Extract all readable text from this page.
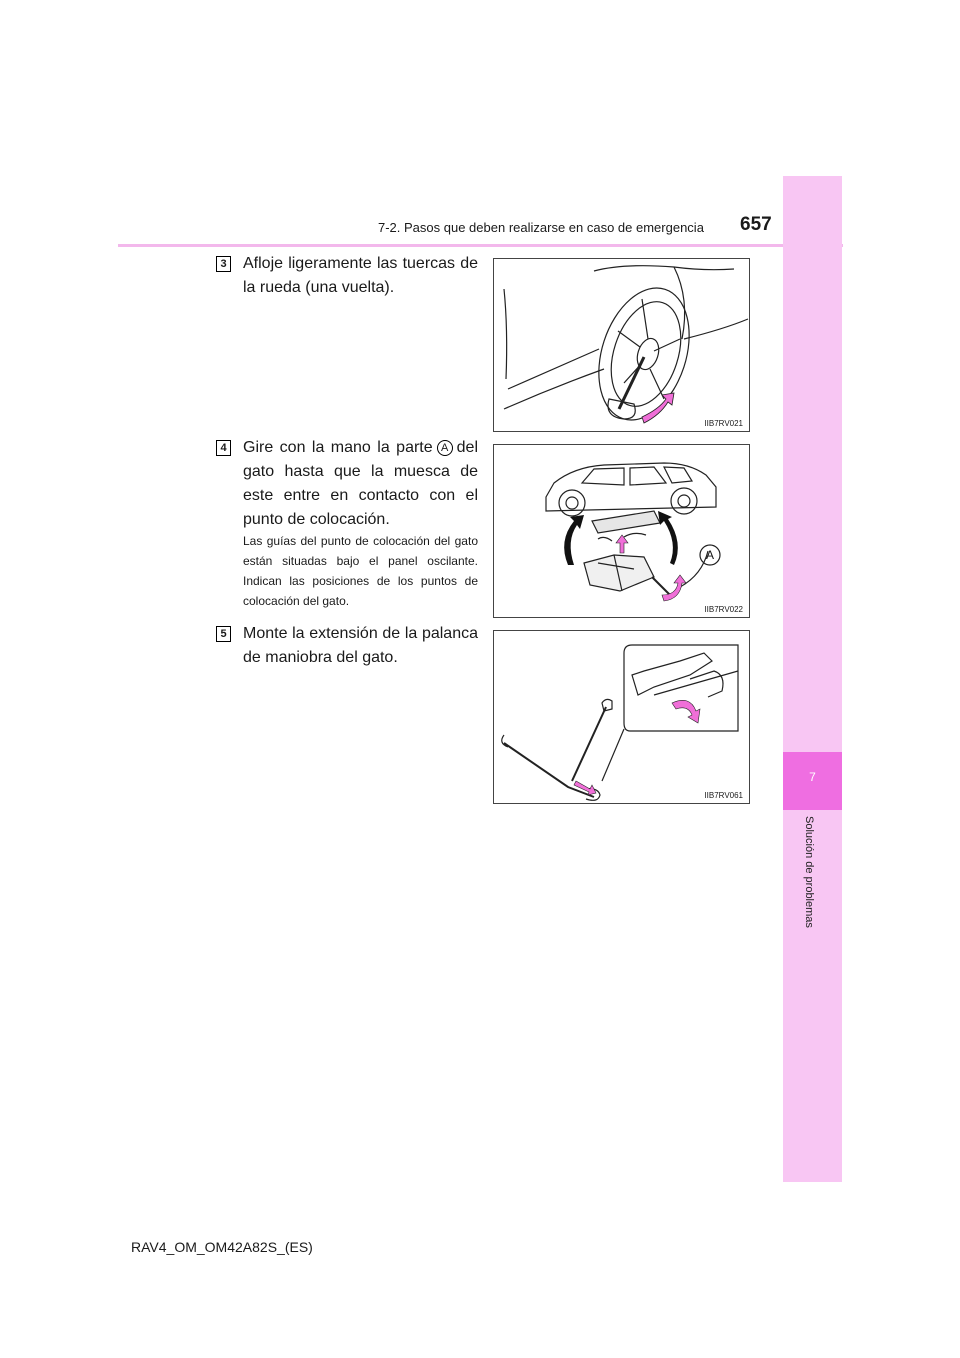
7-2. Pasos que deben realizarse en caso de emergencia 657
7
Solución de problemas
3 Afloje ligeramente las tuercas de la rueda (una vuelta).
IIB7RV021
4 Gire con la mano la parte A del gato hasta que la muesca de este entre en contacto con el punto de colocación.
Las guías del punto de colocación del gato están situadas bajo el panel oscilante. Indican las posiciones de los puntos de colocación del gato.
A
IIB7RV022
5 Monte la extensión de la palanca de maniobra del gato.
IIB7RV061
RAV4_OM_OM42A82S_(ES)
